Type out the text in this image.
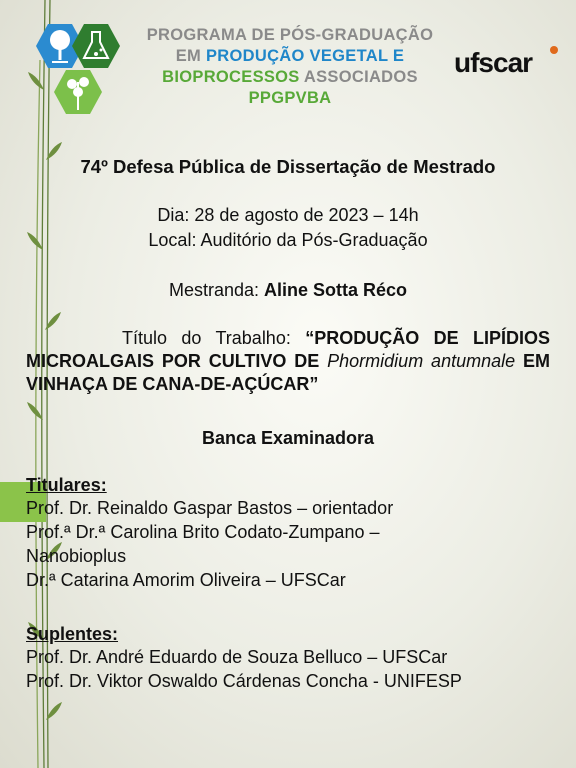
PROGRAMA DE PÓS-GRADUAÇÃO
EM PRODUÇÃO VEGETAL E
BIOPROCESSOS ASSOCIADOS
PPGPVBA
ufscar
74º Defesa Pública de Dissertação de Mestrado
Dia: 28 de agosto de 2023 – 14h
Local: Auditório da Pós-Graduação
Mestranda: Aline Sotta Réco
Título do Trabalho: “PRODUÇÃO DE LIPÍDIOS MICROALGAIS POR CULTIVO DE Phormidium antumnale EM VINHAÇA DE CANA-DE-AÇÚCAR”
Banca Examinadora
Titulares:
Prof. Dr. Reinaldo Gaspar Bastos – orientador
Prof.ª Dr.ª Carolina Brito Codato-Zumpano –
Nanobioplus
Dr.ª Catarina Amorim Oliveira – UFSCar
Suplentes:
Prof. Dr. André Eduardo de Souza Belluco – UFSCar
Prof. Dr. Viktor Oswaldo Cárdenas Concha - UNIFESP
